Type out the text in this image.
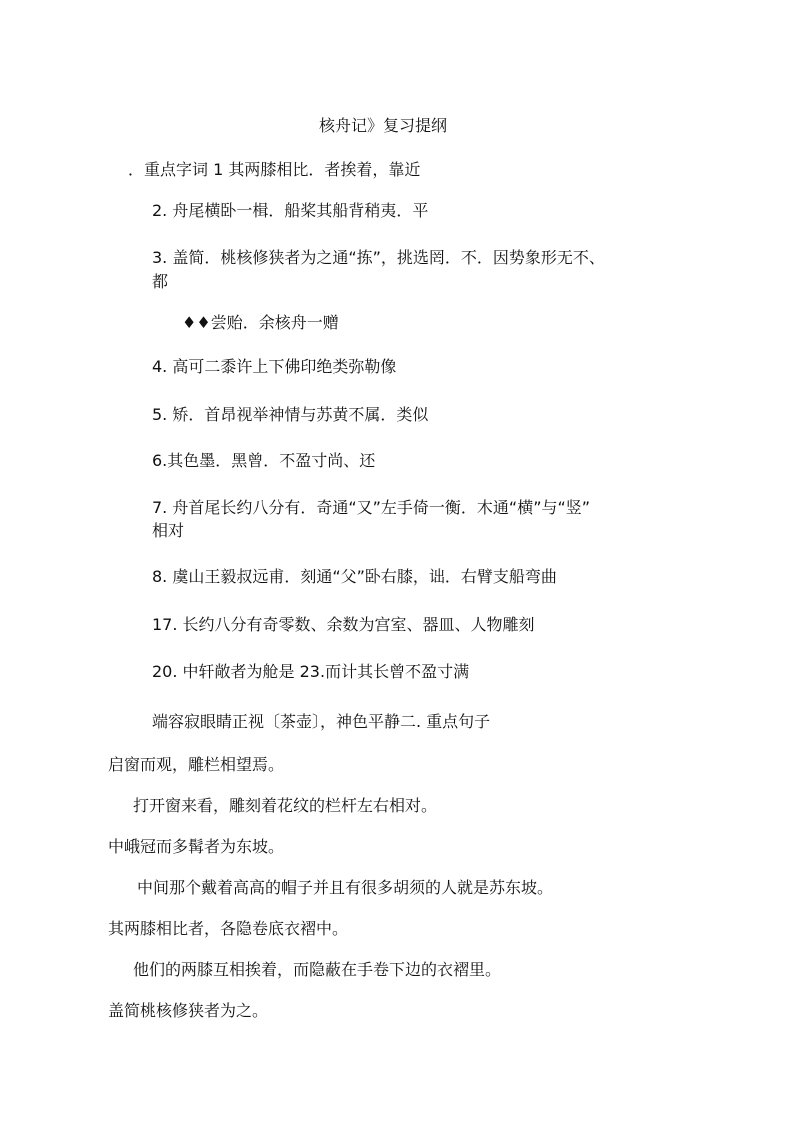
核舟记》复习提纲
．重点字词 1 其两膝相比．者挨着，靠近
2. 舟尾横卧一楫．船桨其船背稍夷．平
3. 盖简．桃核修狭者为之通“拣”，挑选罔．不．因势象形无不、
都
♦♦尝贻．余核舟一赠
4. 高可二黍许上下佛印绝类弥勒像
5. 矫．首昂视举神情与苏黄不属．类似
6.其色墨．黑曾．不盈寸尚、还
7. 舟首尾长约八分有．奇通“又”左手倚一衡．木通“横”与“竖”
相对
8. 虞山王毅叔远甫．刻通“父”卧右膝，诎．右臂支船弯曲
17. 长约八分有奇零数、余数为宫室、器皿、人物雕刻
20. 中轩敞者为舱是 23.而计其长曾不盈寸满
端容寂眼睛正视〔茶壶〕，神色平静二. 重点句子
启窗而观，雕栏相望焉。
打开窗来看，雕刻着花纹的栏杆左右相对。
中峨冠而多髯者为东坡。
中间那个戴着高高的帽子并且有很多胡须的人就是苏东坡。
其两膝相比者，各隐卷底衣褶中。
他们的两膝互相挨着，而隐蔽在手卷下边的衣褶里。
盖简桃核修狭者为之。
